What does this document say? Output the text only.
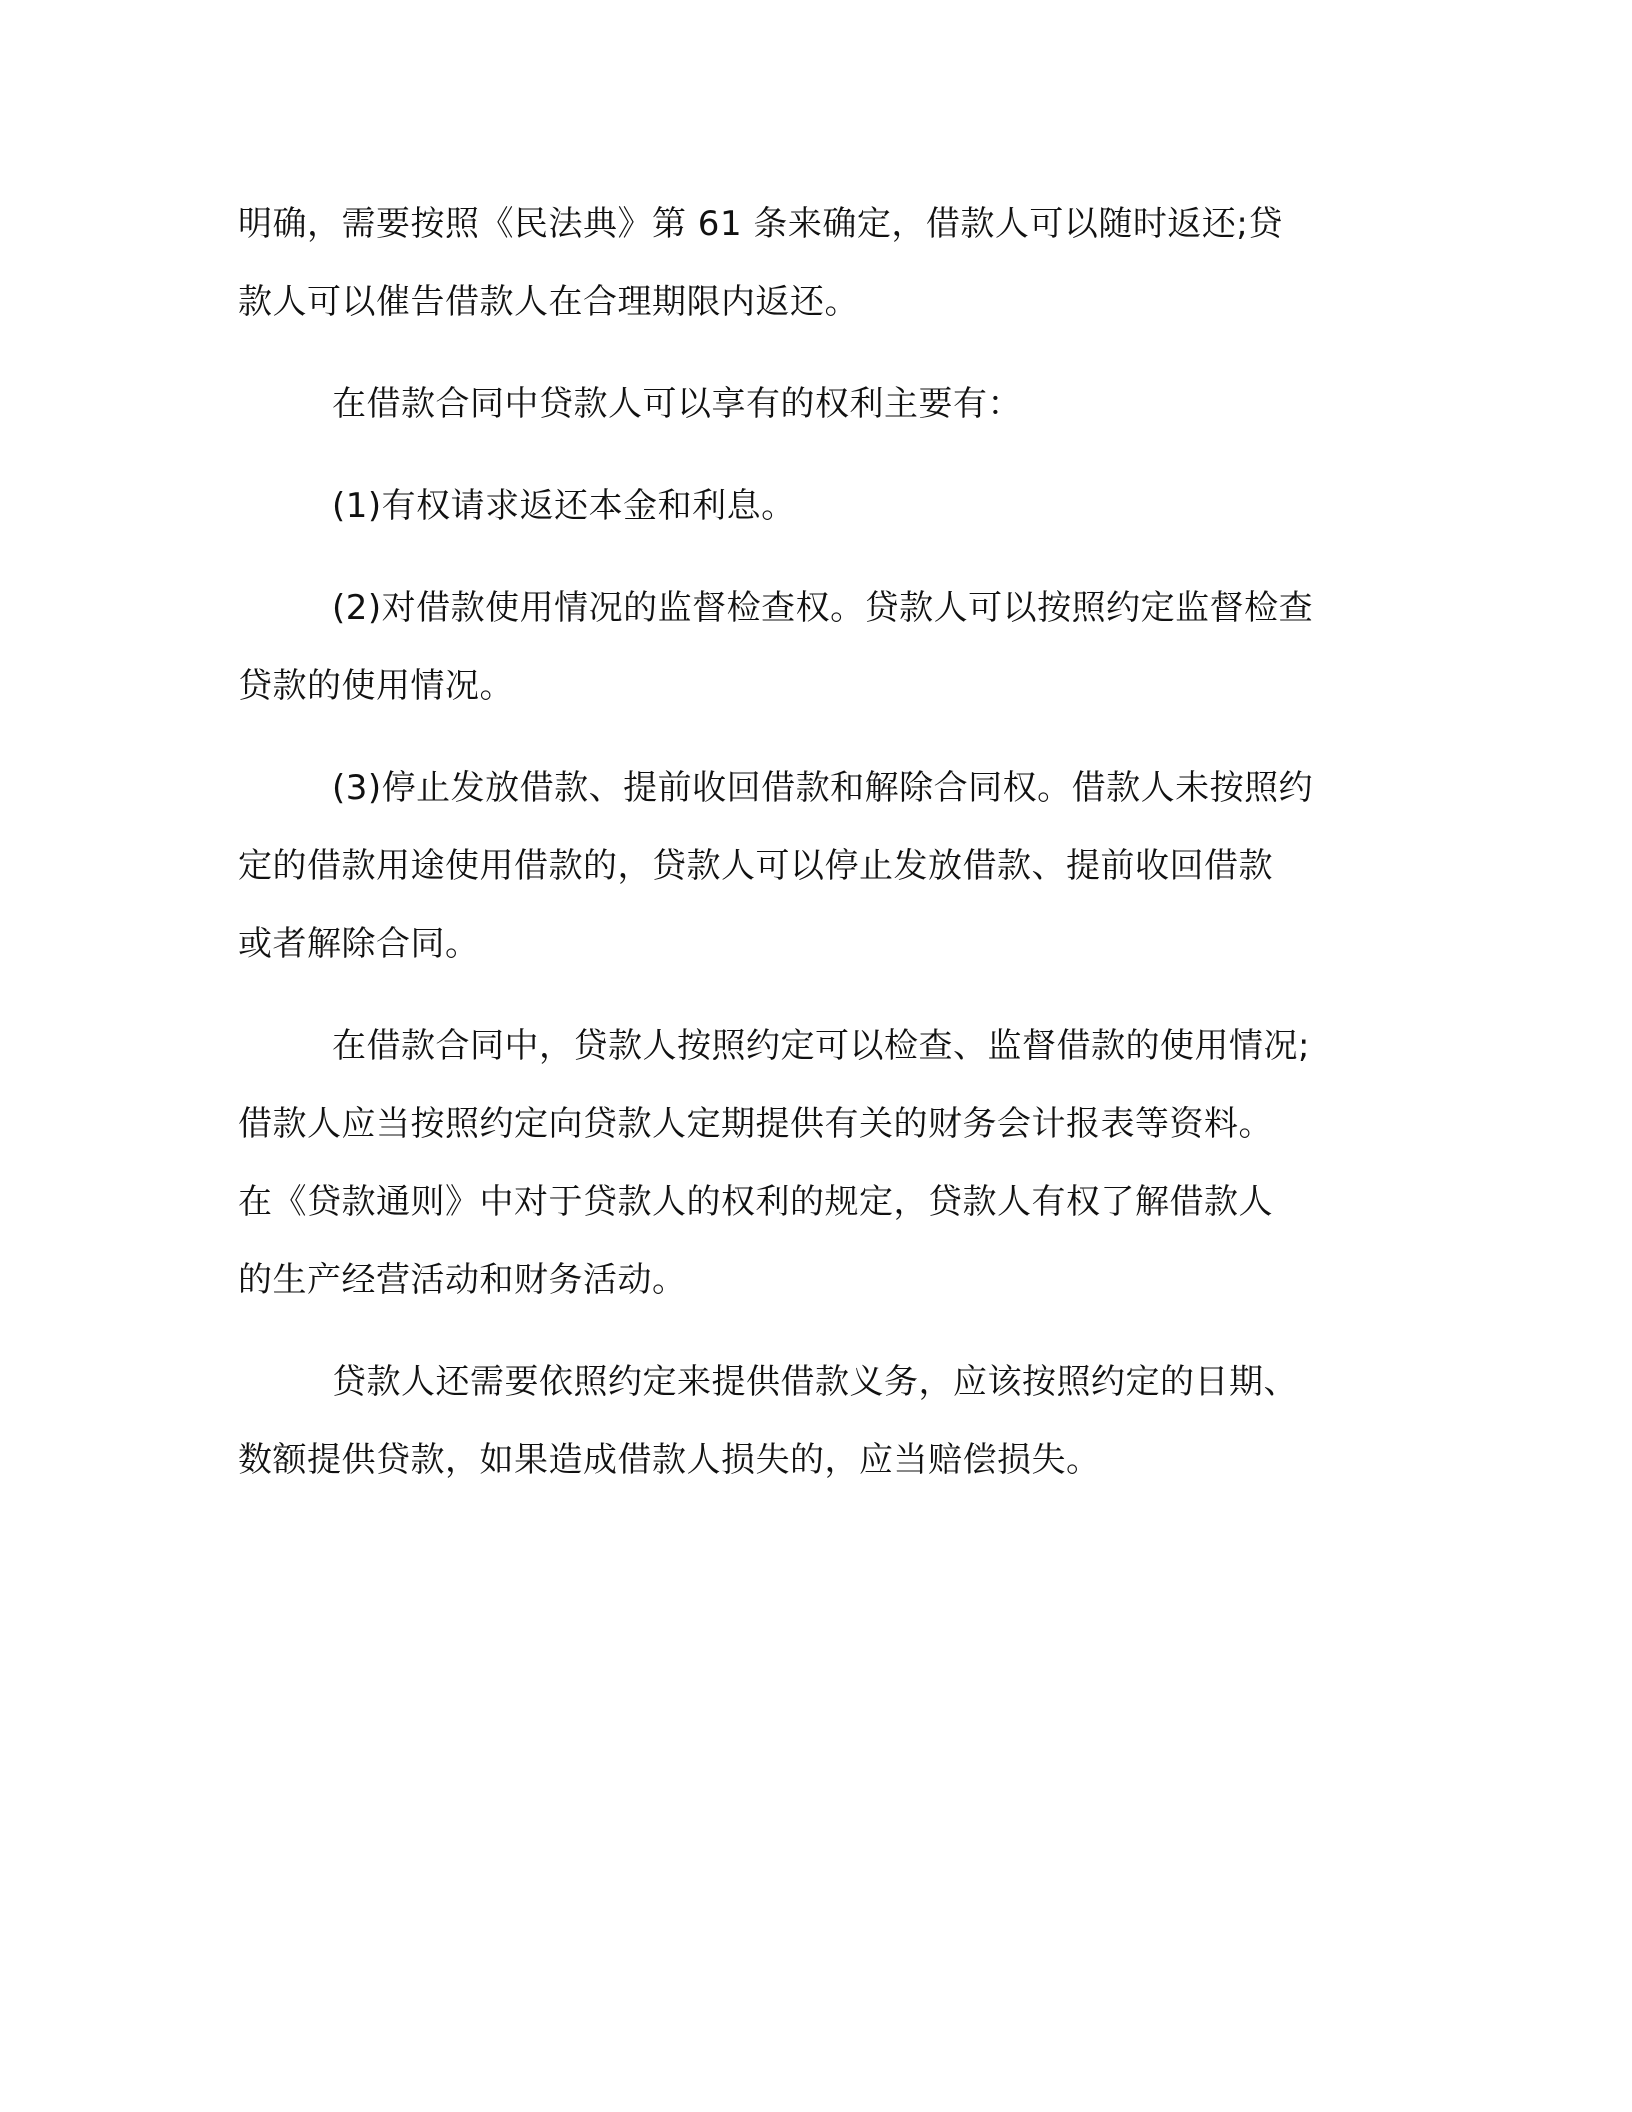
明确，需要按照《民法典》第 61 条来确定，借款人可以随时返还;贷
款人可以催告借款人在合理期限内返还。

在借款合同中贷款人可以享有的权利主要有：

(1)有权请求返还本金和利息。

(2)对借款使用情况的监督检查权。贷款人可以按照约定监督检查
贷款的使用情况。

(3)停止发放借款、提前收回借款和解除合同权。借款人未按照约
定的借款用途使用借款的，贷款人可以停止发放借款、提前收回借款
或者解除合同。

在借款合同中，贷款人按照约定可以检查、监督借款的使用情况;
借款人应当按照约定向贷款人定期提供有关的财务会计报表等资料。
在《贷款通则》中对于贷款人的权利的规定，贷款人有权了解借款人
的生产经营活动和财务活动。

贷款人还需要依照约定来提供借款义务，应该按照约定的日期、
数额提供贷款，如果造成借款人损失的，应当赔偿损失。
